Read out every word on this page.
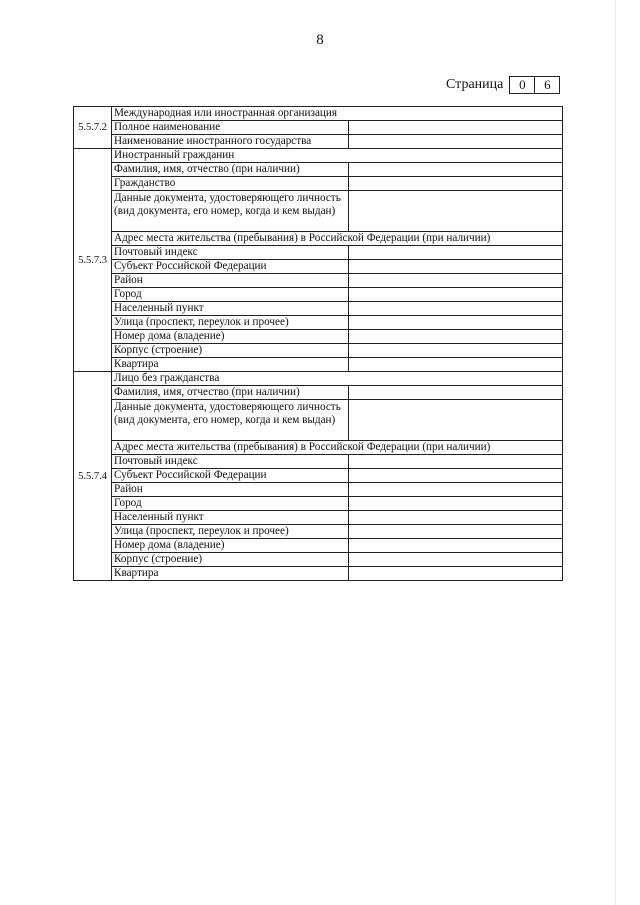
8
Страница	0	6
5.5.7.2	Международная или иностранная организация	
	Полное наименование	
	Наименование иностранного государства	
5.5.7.3	Иностранный гражданин	
	Фамилия, имя, отчество (при наличии)	
	Гражданство	
	Данные документа, удостоверяющего личность (вид документа, его номер, когда и кем выдан)	
	Адрес места жительства (пребывания) в Российской Федерации (при наличии)	
	Почтовый индекс	
	Субъект Российской Федерации	
	Район	
	Город	
	Населенный пункт	
	Улица (проспект, переулок и прочее)	
	Номер дома (владение)	
	Корпус (строение)	
	Квартира	
5.5.7.4	Лицо без гражданства	
	Фамилия, имя, отчество (при наличии)	
	Данные документа, удостоверяющего личность (вид документа, его номер, когда и кем выдан)	
	Адрес места жительства (пребывания) в Российской Федерации (при наличии)	
	Почтовый индекс	
	Субъект Российской Федерации	
	Район	
	Город	
	Населенный пункт	
	Улица (проспект, переулок и прочее)	
	Номер дома (владение)	
	Корпус (строение)	
	Квартира	
